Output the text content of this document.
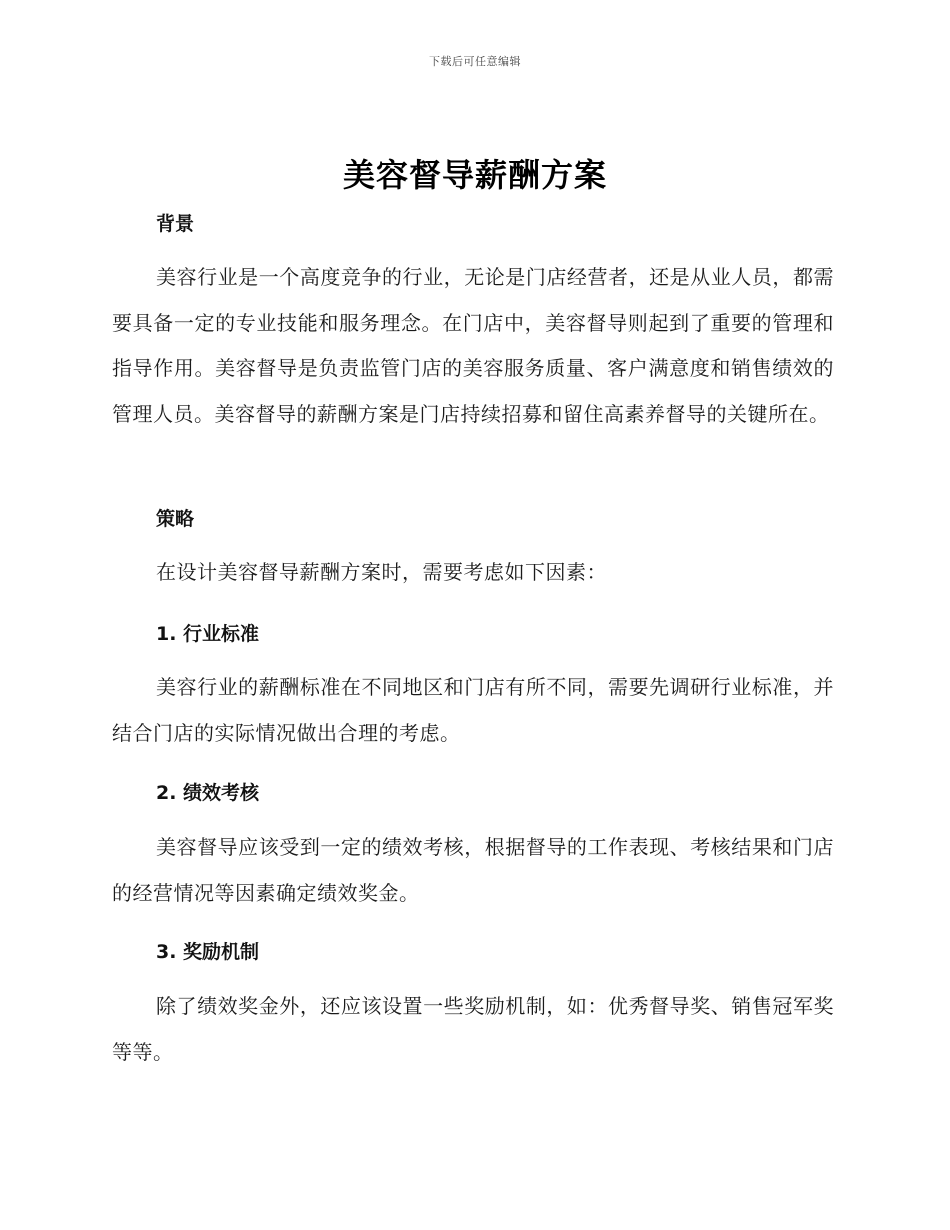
下载后可任意编辑
美容督导薪酬方案
背景
美容行业是一个高度竞争的行业，无论是门店经营者，还是从业人员，都需要具备一定的专业技能和服务理念。在门店中，美容督导则起到了重要的管理和指导作用。美容督导是负责监管门店的美容服务质量、客户满意度和销售绩效的管理人员。美容督导的薪酬方案是门店持续招募和留住高素养督导的关键所在。
策略
在设计美容督导薪酬方案时，需要考虑如下因素：
1. 行业标准
美容行业的薪酬标准在不同地区和门店有所不同，需要先调研行业标准，并结合门店的实际情况做出合理的考虑。
2. 绩效考核
美容督导应该受到一定的绩效考核，根据督导的工作表现、考核结果和门店的经营情况等因素确定绩效奖金。
3. 奖励机制
除了绩效奖金外，还应该设置一些奖励机制，如：优秀督导奖、销售冠军奖等等。
